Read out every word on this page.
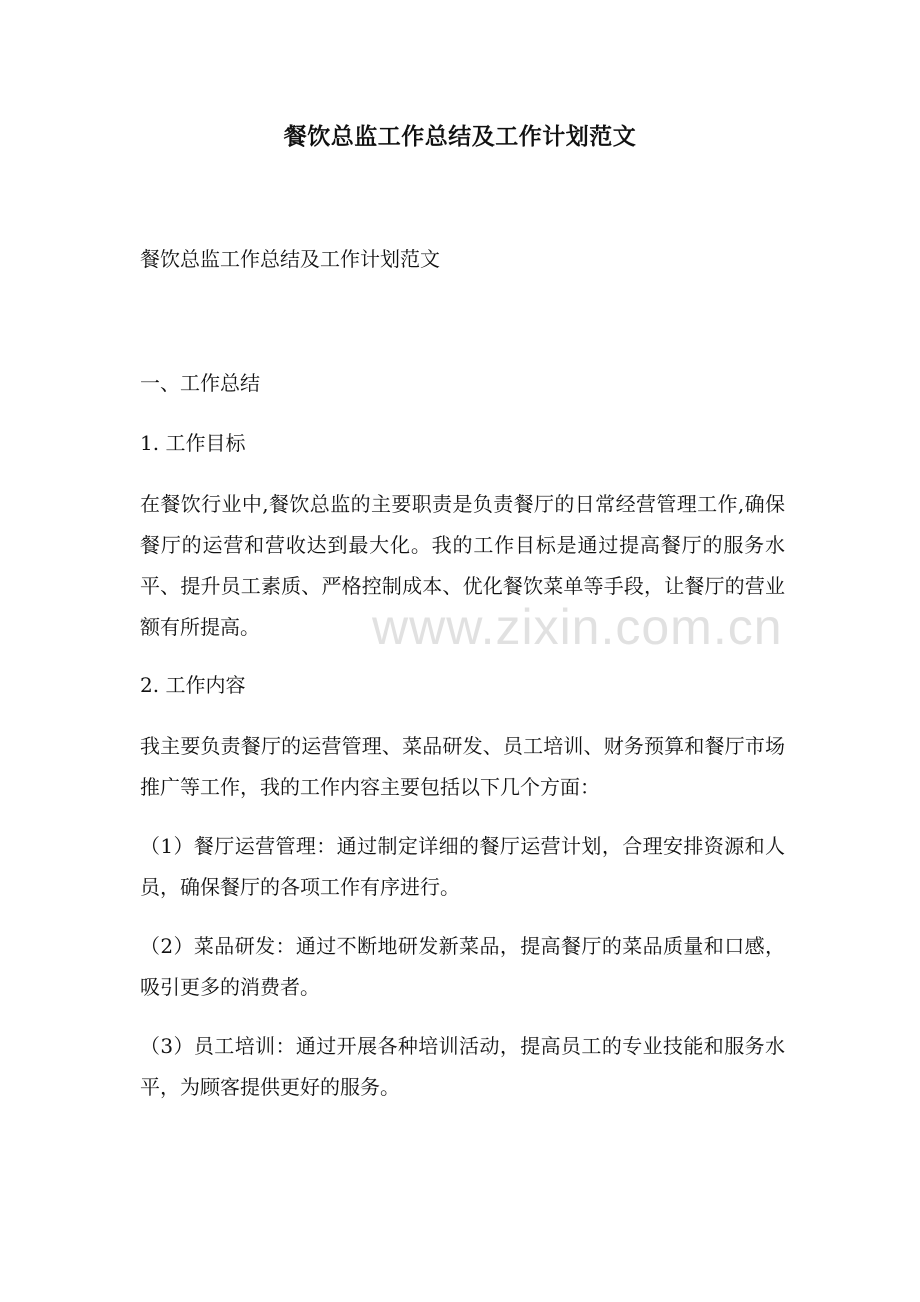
餐饮总监工作总结及工作计划范文

餐饮总监工作总结及工作计划范文

一、工作总结

1. 工作目标

在餐饮行业中,餐饮总监的主要职责是负责餐厅的日常经营管理工作,确保餐厅的运营和营收达到最大化。我的工作目标是通过提高餐厅的服务水平、提升员工素质、严格控制成本、优化餐饮菜单等手段，让餐厅的营业额有所提高。

2. 工作内容

我主要负责餐厅的运营管理、菜品研发、员工培训、财务预算和餐厅市场推广等工作，我的工作内容主要包括以下几个方面：

（1）餐厅运营管理：通过制定详细的餐厅运营计划，合理安排资源和人员，确保餐厅的各项工作有序进行。

（2）菜品研发：通过不断地研发新菜品，提高餐厅的菜品质量和口感，吸引更多的消费者。

（3）员工培训：通过开展各种培训活动，提高员工的专业技能和服务水平，为顾客提供更好的服务。

www.zixin.com.cn
